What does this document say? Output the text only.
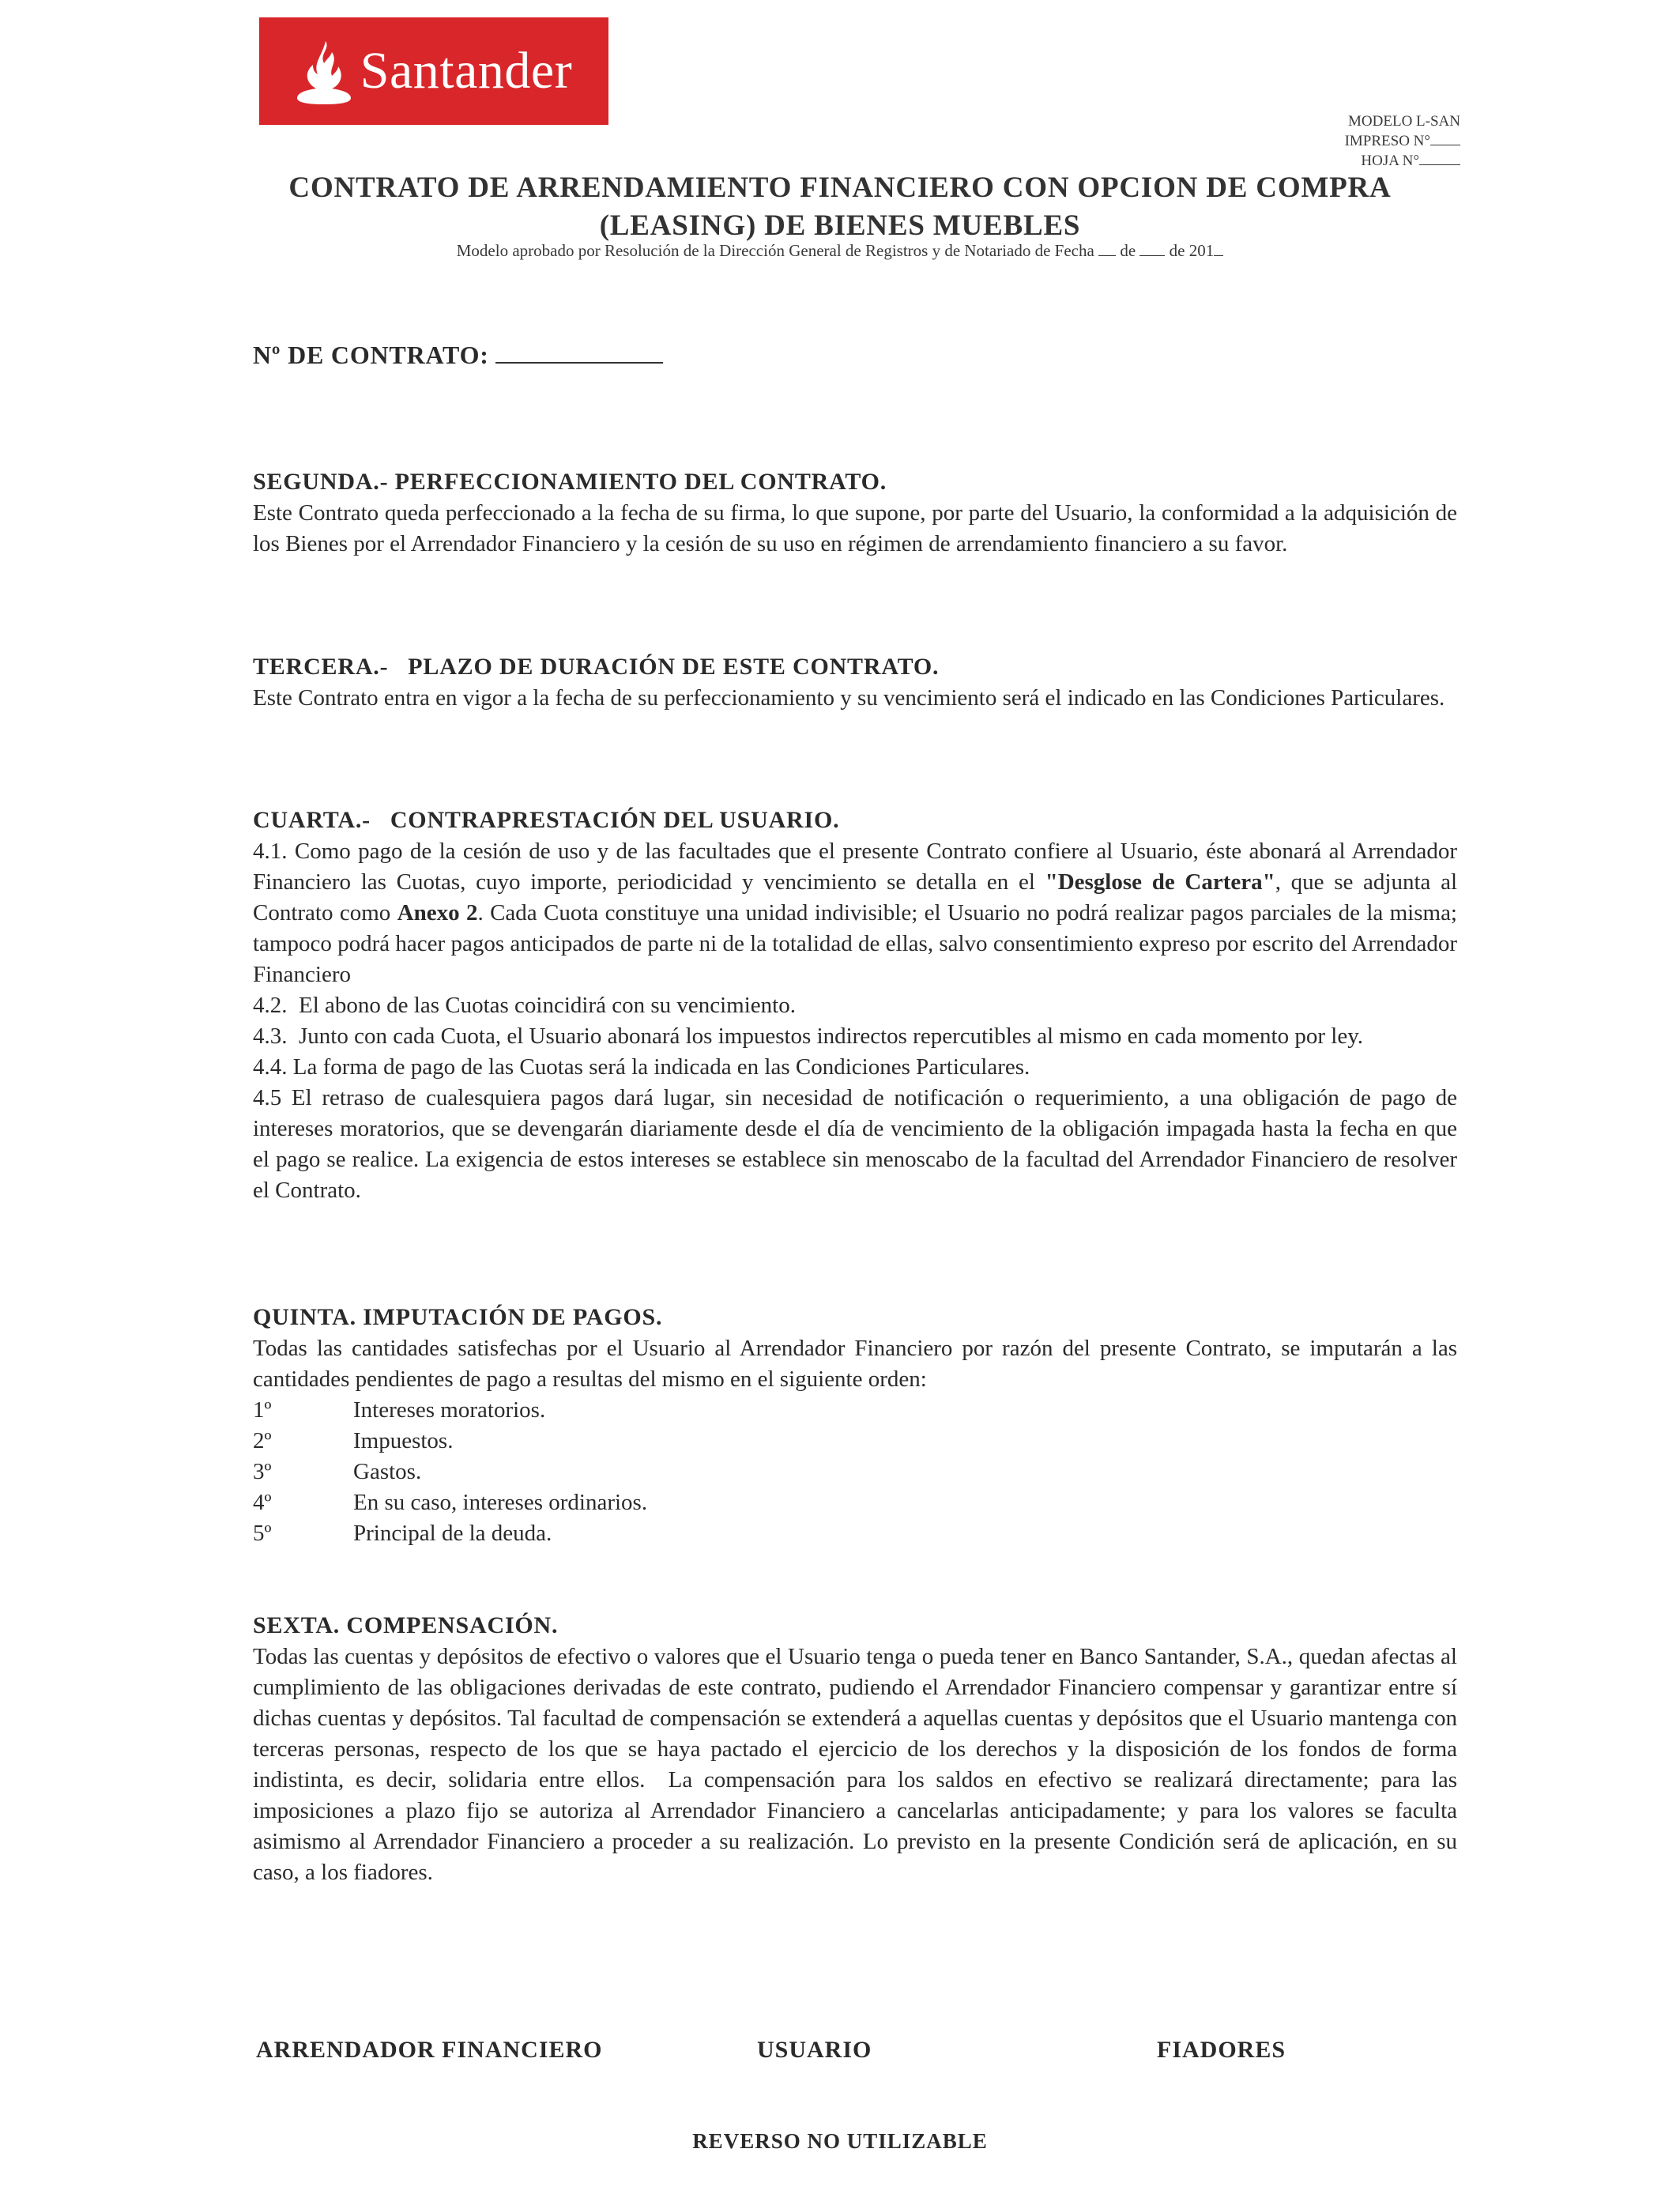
Santander
MODELO L-SAN
IMPRESO N°
HOJA N°
CONTRATO DE ARRENDAMIENTO FINANCIERO CON OPCION DE COMPRA
(LEASING) DE BIENES MUEBLES
Modelo aprobado por Resolución de la Dirección General de Registros y de Notariado de Fecha de de 201
Nº DE CONTRATO:
SEGUNDA.- PERFECCIONAMIENTO DEL CONTRATO.

Este Contrato queda perfeccionado a la fecha de su firma, lo que supone, por parte del Usuario, la conformidad a la adquisición de los Bienes por el Arrendador Financiero y la cesión de su uso en régimen de arrendamiento financiero a su favor.

TERCERA.-   PLAZO DE DURACIÓN DE ESTE CONTRATO.

Este Contrato entra en vigor a la fecha de su perfeccionamiento y su vencimiento será el indicado en las Condiciones Particulares.

CUARTA.-   CONTRAPRESTACIÓN DEL USUARIO.

4.1. Como pago de la cesión de uso y de las facultades que el presente Contrato confiere al Usuario, éste abonará al Arrendador Financiero las Cuotas, cuyo importe, periodicidad y vencimiento se detalla en el "Desglose de Cartera", que se adjunta al Contrato como Anexo 2. Cada Cuota constituye una unidad indivisible; el Usuario no podrá realizar pagos parciales de la misma; tampoco podrá hacer pagos anticipados de parte ni de la totalidad de ellas, salvo consentimiento expreso por escrito del Arrendador Financiero

4.2.  El abono de las Cuotas coincidirá con su vencimiento.

4.3.  Junto con cada Cuota, el Usuario abonará los impuestos indirectos repercutibles al mismo en cada momento por ley.

4.4. La forma de pago de las Cuotas será la indicada en las Condiciones Particulares.

4.5 El retraso de cualesquiera pagos dará lugar, sin necesidad de notificación o requerimiento, a una obligación de pago de intereses moratorios, que se devengarán diariamente desde el día de vencimiento de la obligación impagada hasta la fecha en que el pago se realice. La exigencia de estos intereses se establece sin menoscabo de la facultad del Arrendador Financiero de resolver el Contrato.

QUINTA. IMPUTACIÓN DE PAGOS.

Todas las cantidades satisfechas por el Usuario al Arrendador Financiero por razón del presente Contrato, se imputarán a las cantidades pendientes de pago a resultas del mismo en el siguiente orden:

1º	Intereses moratorios.
2º	Impuestos.
3º	Gastos.
4º	En su caso, intereses ordinarios.
5º	Principal de la deuda.
SEXTA. COMPENSACIÓN.

Todas las cuentas y depósitos de efectivo o valores que el Usuario tenga o pueda tener en Banco Santander, S.A., quedan afectas al cumplimiento de las obligaciones derivadas de este contrato, pudiendo el Arrendador Financiero compensar y garantizar entre sí dichas cuentas y depósitos. Tal facultad de compensación se extenderá a aquellas cuentas y depósitos que el Usuario mantenga con terceras personas, respecto de los que se haya pactado el ejercicio de los derechos y la disposición de los fondos de forma indistinta, es decir, solidaria entre ellos.  La compensación para los saldos en efectivo se realizará directamente; para las imposiciones a plazo fijo se autoriza al Arrendador Financiero a cancelarlas anticipadamente; y para los valores se faculta asimismo al Arrendador Financiero a proceder a su realización. Lo previsto en la presente Condición será de aplicación, en su caso, a los fiadores.

ARRENDADOR FINANCIERO	USUARIO	FIADORES
REVERSO NO UTILIZABLE
